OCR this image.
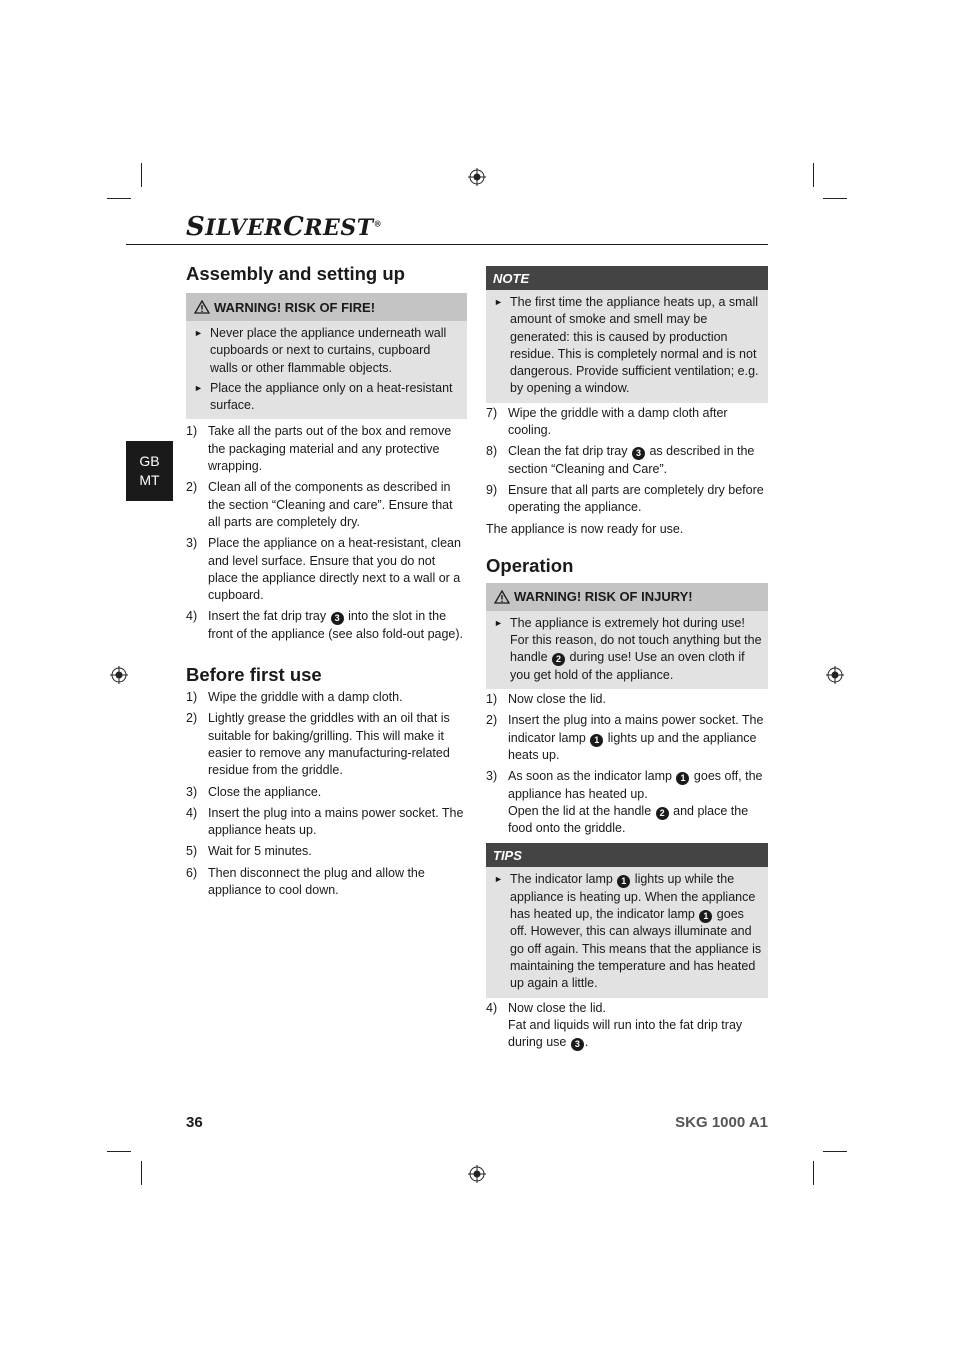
SILVERCREST®
GB
MT
Assembly and setting up
WARNING! RISK OF FIRE!
► Never place the appliance underneath wall cupboards or next to curtains, cupboard walls or other flammable objects.
► Place the appliance only on a heat-resistant surface.
1) Take all the parts out of the box and remove the packaging material and any protective wrapping.
2) Clean all of the components as described in the section “Cleaning and care”. Ensure that all parts are completely dry.
3) Place the appliance on a heat-resistant, clean and level surface. Ensure that you do not place the appliance directly next to a wall or a cupboard.
4) Insert the fat drip tray 3 into the slot in the front of the appliance (see also fold-out page).
Before first use
1) Wipe the griddle with a damp cloth.
2) Lightly grease the griddles with an oil that is suitable for baking/grilling. This will make it easier to remove any manufacturing-related residue from the griddle.
3) Close the appliance.
4) Insert the plug into a mains power socket. The appliance heats up.
5) Wait for 5 minutes.
6) Then disconnect the plug and allow the appliance to cool down.
NOTE
► The first time the appliance heats up, a small amount of smoke and smell may be generated: this is caused by production residue. This is completely normal and is not dangerous. Provide sufficient ventilation; e.g. by opening a window.
7) Wipe the griddle with a damp cloth after cooling.
8) Clean the fat drip tray 3 as described in the section “Cleaning and Care”.
9) Ensure that all parts are completely dry before operating the appliance.
The appliance is now ready for use.
Operation
WARNING! RISK OF INJURY!
► The appliance is extremely hot during use! For this reason, do not touch anything but the handle 2 during use! Use an oven cloth if you get hold of the appliance.
1) Now close the lid.
2) Insert the plug into a mains power socket. The indicator lamp 1 lights up and the appliance heats up.
3) As soon as the indicator lamp 1 goes off, the appliance has heated up.
Open the lid at the handle 2 and place the food onto the griddle.
TIPS
► The indicator lamp 1 lights up while the appliance is heating up. When the appliance has heated up, the indicator lamp 1 goes off. However, this can always illuminate and go off again. This means that the appliance is maintaining the temperature and has heated up again a little.
4) Now close the lid.
Fat and liquids will run into the fat drip tray during use 3 .
36	SKG 1000 A1
